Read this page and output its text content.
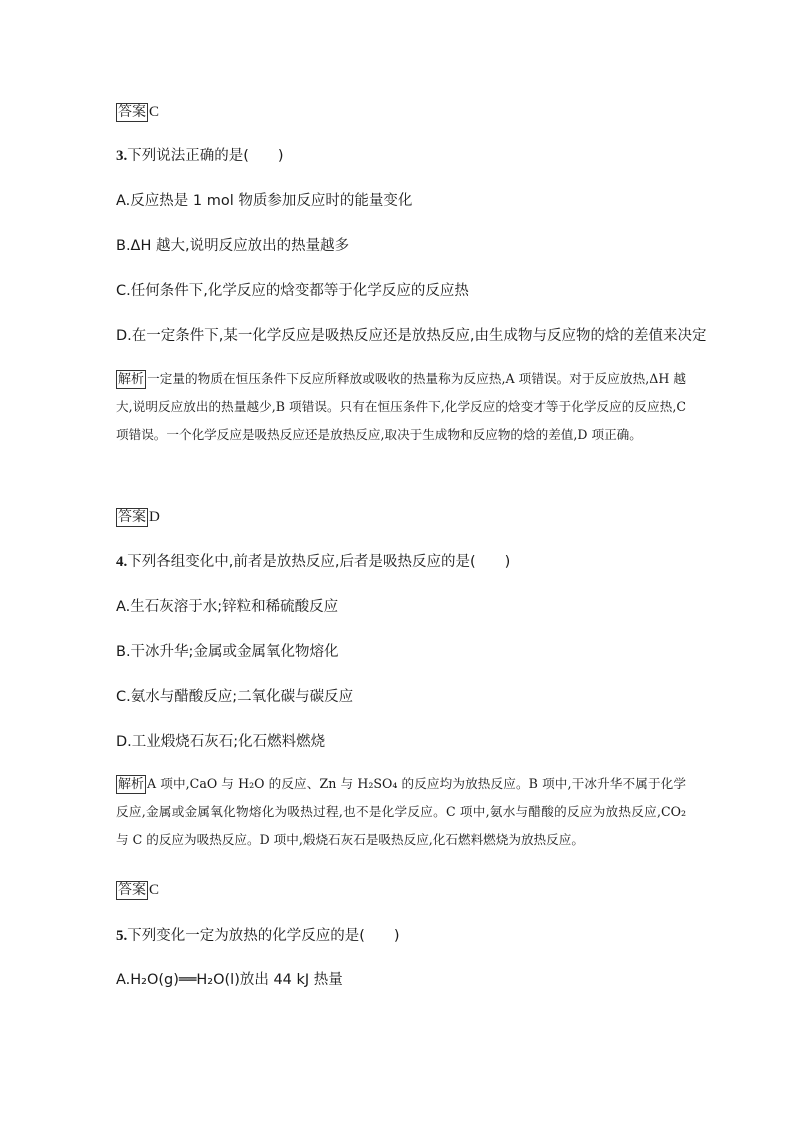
答案 C
3.下列说法正确的是(　　)
A.反应热是 1 mol 物质参加反应时的能量变化
B.ΔH 越大,说明反应放出的热量越多
C.任何条件下,化学反应的焓变都等于化学反应的反应热
D.在一定条件下,某一化学反应是吸热反应还是放热反应,由生成物与反应物的焓的差值来决定
解析 一定量的物质在恒压条件下反应所释放或吸收的热量称为反应热,A 项错误。对于反应放热,ΔH 越大,说明反应放出的热量越少,B 项错误。只有在恒压条件下,化学反应的焓变才等于化学反应的反应热,C 项错误。一个化学反应是吸热反应还是放热反应,取决于生成物和反应物的焓的差值,D 项正确。
答案 D
4.下列各组变化中,前者是放热反应,后者是吸热反应的是(　　)
A.生石灰溶于水;锌粒和稀硫酸反应
B.干冰升华;金属或金属氧化物熔化
C.氨水与醋酸反应;二氧化碳与碳反应
D.工业煅烧石灰石;化石燃料燃烧
解析 A 项中,CaO 与 H₂O 的反应、Zn 与 H₂SO₄ 的反应均为放热反应。B 项中,干冰升华不属于化学反应,金属或金属氧化物熔化为吸热过程,也不是化学反应。C 项中,氨水与醋酸的反应为放热反应,CO₂ 与 C 的反应为吸热反应。D 项中,煅烧石灰石是吸热反应,化石燃料燃烧为放热反应。
答案 C
5.下列变化一定为放热的化学反应的是(　　)
A.H₂O(g)══H₂O(l)放出 44 kJ 热量
